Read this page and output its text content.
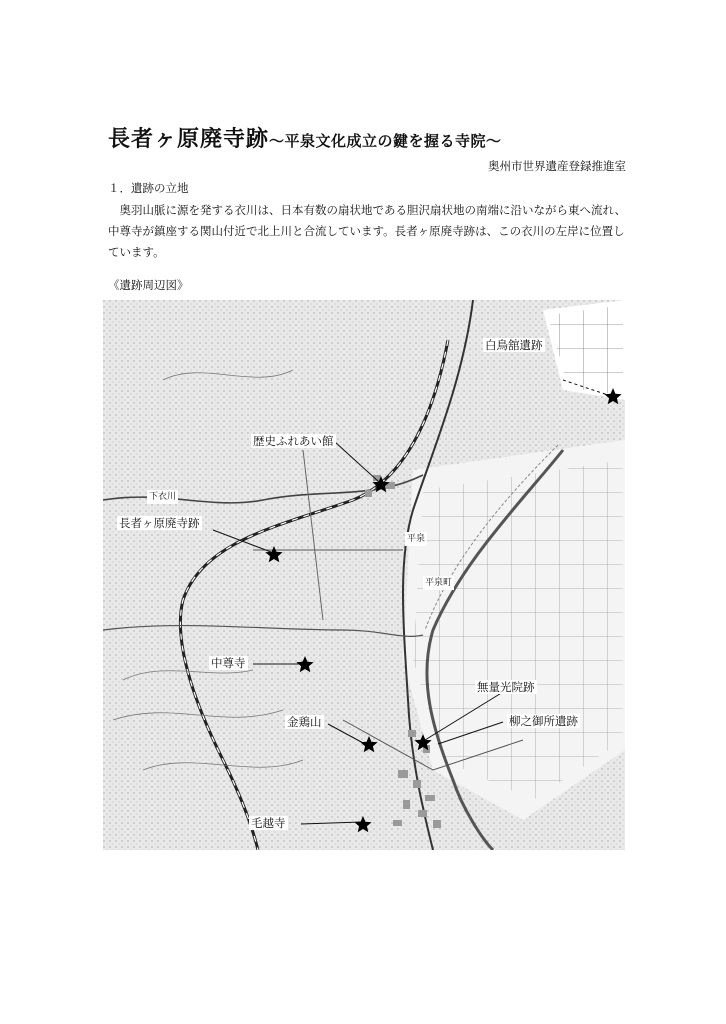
長者ヶ原廃寺跡～平泉文化成立の鍵を握る寺院～
奥州市世界遺産登録推進室
１．遺跡の立地

　奥羽山脈に源を発する衣川は、日本有数の扇状地である胆沢扇状地の南端に沿いながら東へ流れ、中尊寺が鎮座する関山付近で北上川と合流しています。長者ヶ原廃寺跡は、この衣川の左岸に位置しています。

《遺跡周辺図》
白鳥舘遺跡
歴史ふれあい館
長者ヶ原廃寺跡
中尊寺
無量光院跡
金鶏山	柳之御所遺跡
毛越寺
下衣川
平泉町
平泉
